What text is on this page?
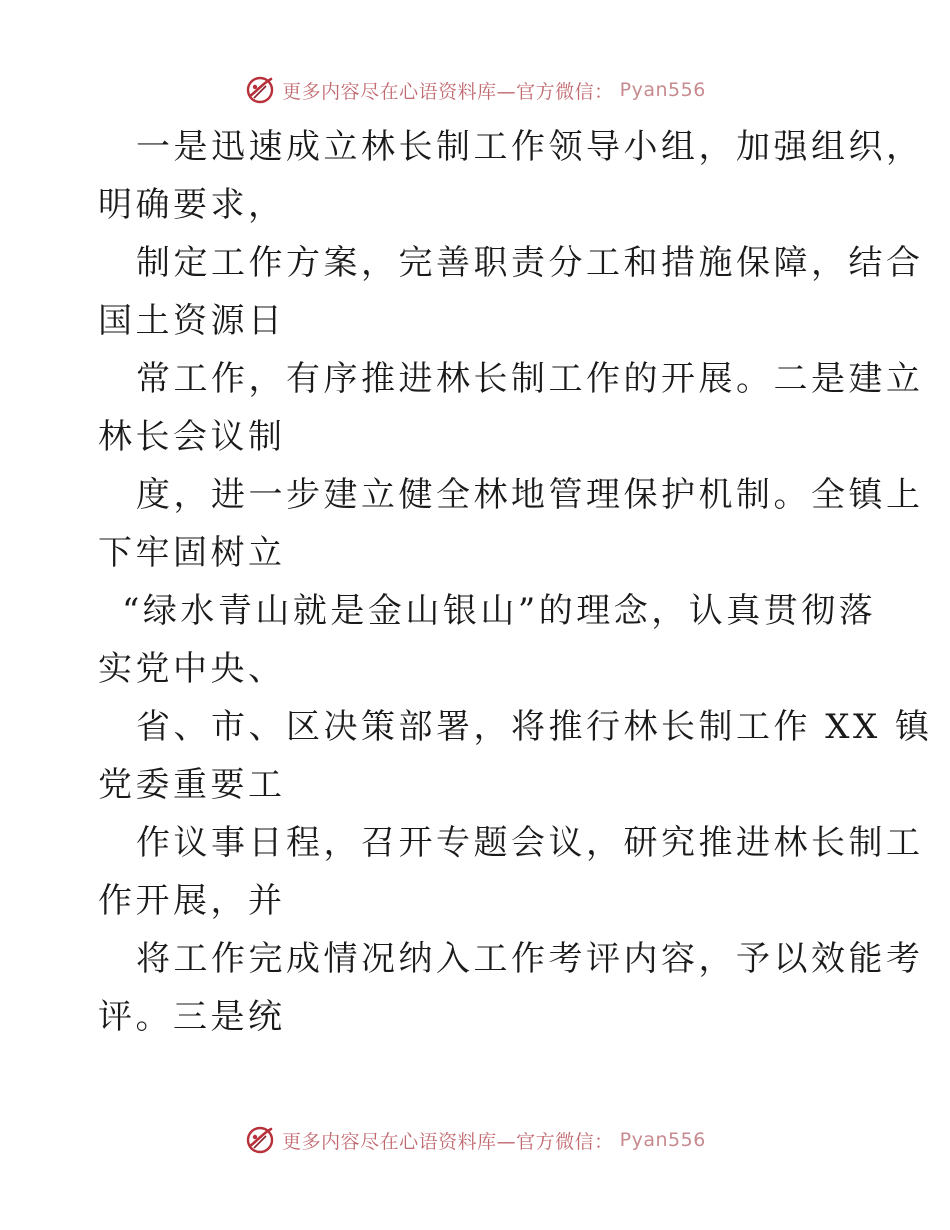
更多内容尽在心语资料库—官方微信： Pyan556

一是迅速成立林长制工作领导小组，加强组织，
明确要求，

制定工作方案，完善职责分工和措施保障，结合
国土资源日

常工作，有序推进林长制工作的开展。二是建立
林长会议制

度，进一步建立健全林地管理保护机制。全镇上
下牢固树立

“绿水青山就是金山银山”的理念，认真贯彻落
实党中央、

省、市、区决策部署，将推行林长制工作 XX 镇
党委重要工

作议事日程，召开专题会议，研究推进林长制工
作开展，并

将工作完成情况纳入工作考评内容，予以效能考
评。三是统

更多内容尽在心语资料库—官方微信： Pyan556
